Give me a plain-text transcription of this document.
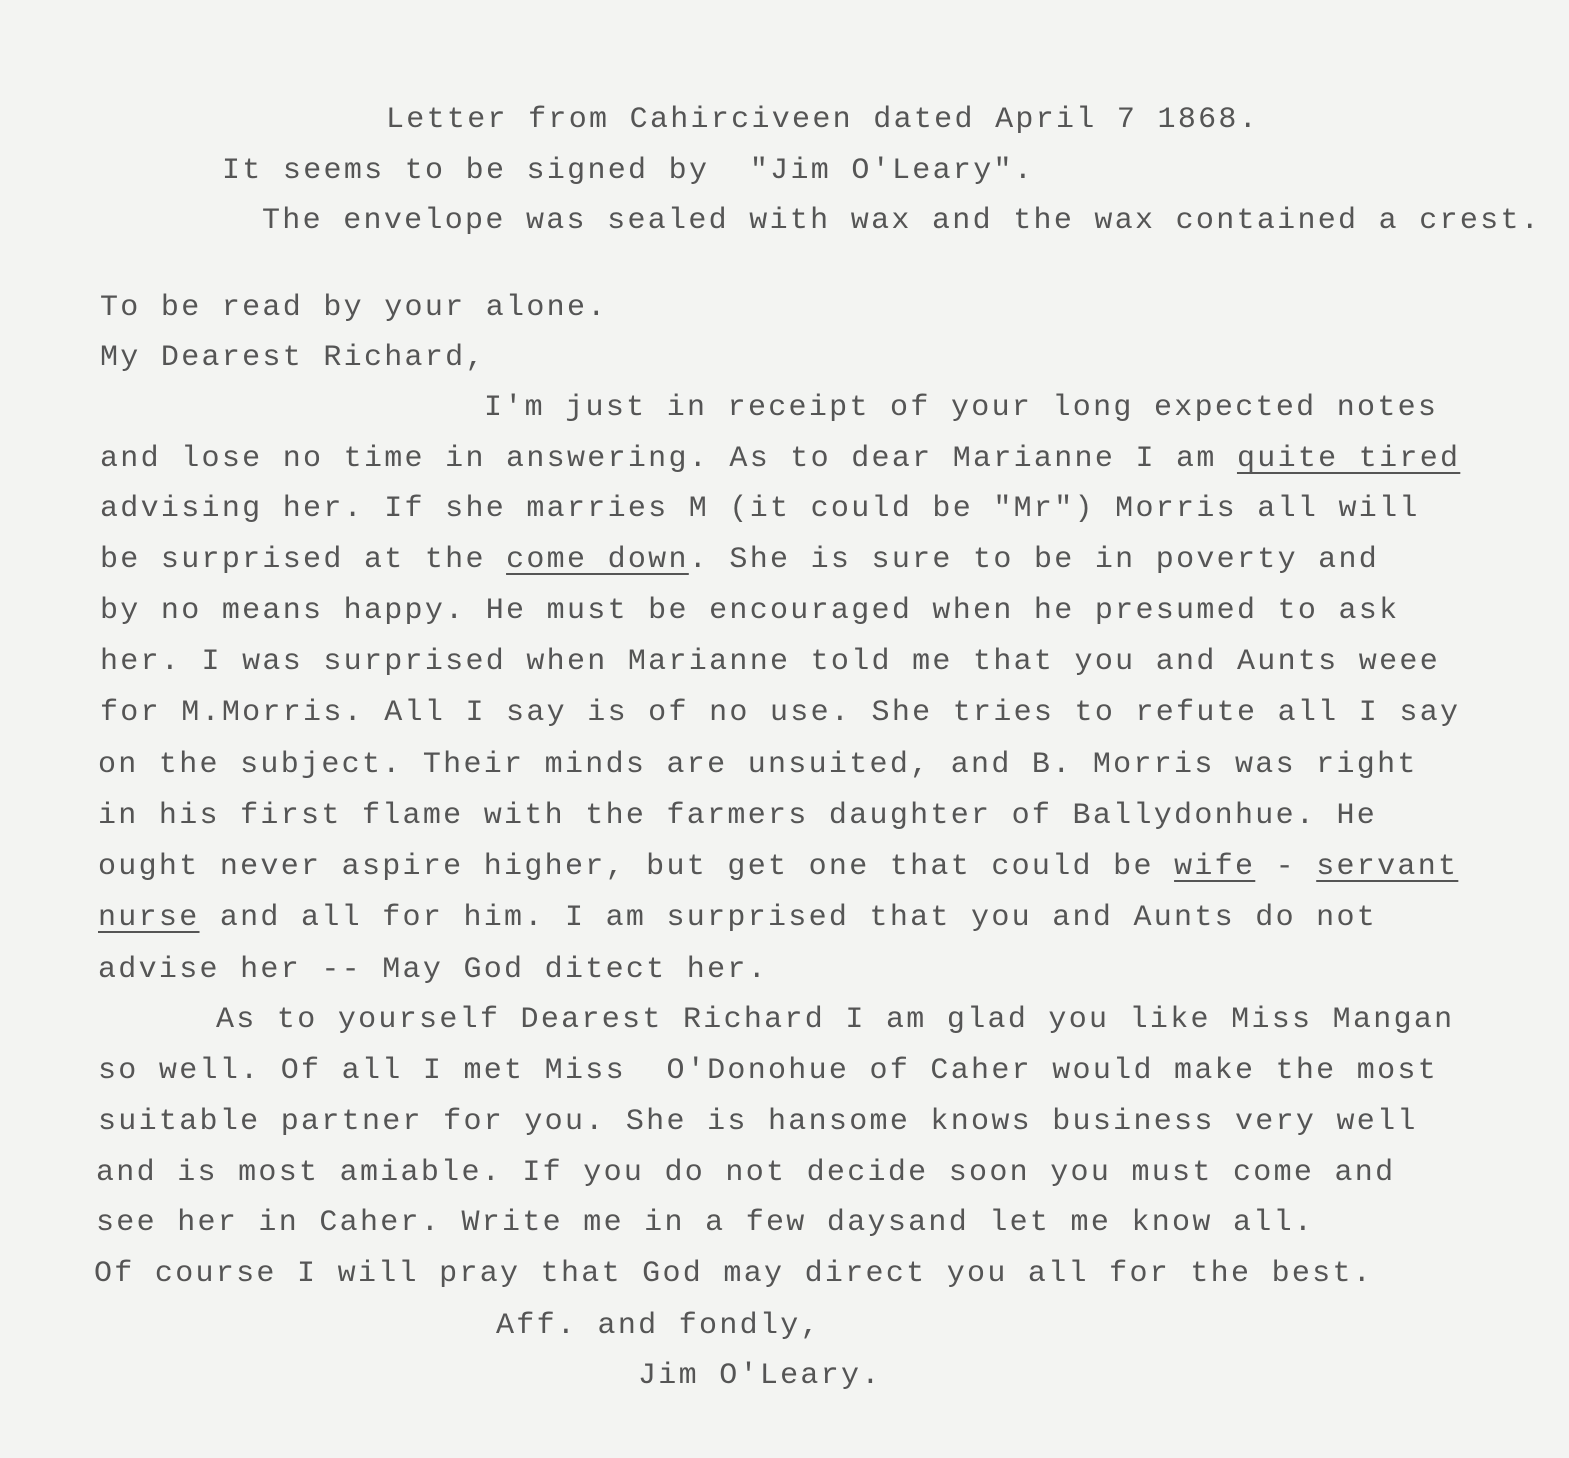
Letter from Cahirciveen dated April 7 1868.
It seems to be signed by  "Jim O'Leary".
The envelope was sealed with wax and the wax contained a crest.
To be read by your alone.
My Dearest Richard,
I'm just in receipt of your long expected notes
and lose no time in answering. As to dear Marianne I am quite tired
advising her. If she marries M (it could be "Mr") Morris all will
be surprised at the come down. She is sure to be in poverty and
by no means happy. He must be encouraged when he presumed to ask
her. I was surprised when Marianne told me that you and Aunts weee
for M.Morris. All I say is of no use. She tries to refute all I say
on the subject. Their minds are unsuited, and B. Morris was right
in his first flame with the farmers daughter of Ballydonhue. He
ought never aspire higher, but get one that could be wife - servant
nurse and all for him. I am surprised that you and Aunts do not
advise her -- May God ditect her.
As to yourself Dearest Richard I am glad you like Miss Mangan
so well. Of all I met Miss  O'Donohue of Caher would make the most
suitable partner for you. She is hansome knows business very well
and is most amiable. If you do not decide soon you must come and
see her in Caher. Write me in a few daysand let me know all.
Of course I will pray that God may direct you all for the best.
Aff. and fondly,
Jim O'Leary.
